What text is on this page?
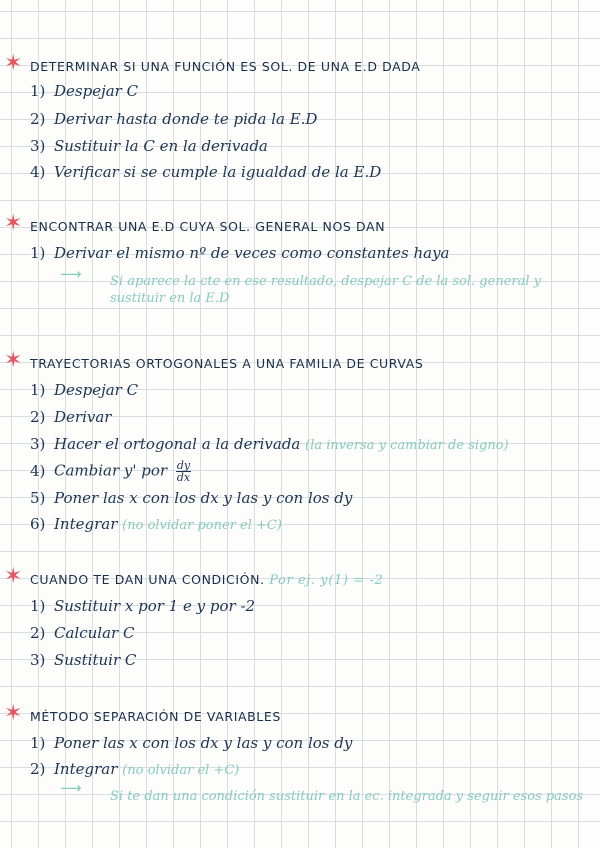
✶ DETERMINAR SI UNA FUNCIÓN ES SOL. DE UNA E.D DADA
1) Despejar C
2) Derivar hasta donde te pida la E.D
3) Sustituir la C en la derivada
4) Verificar si se cumple la igualdad de la E.D
✶ ENCONTRAR UNA E.D CUYA SOL. GENERAL NOS DAN
1) Derivar el mismo nº de veces como constantes haya
⟶ Si aparece la cte en ese resultado, despejar C de la sol. general y sustituir en la E.D
✶ TRAYECTORIAS ORTOGONALES A UNA FAMILIA DE CURVAS
1) Despejar C
2) Derivar
3) Hacer el ortogonal a la derivada (la inversa y cambiar de signo)
4) Cambiar y' por $\frac{dy}{dx}$
5) Poner las x con los dx y las y con los dy
6) Integrar (no olvidar poner el +C)
✶ CUANDO TE DAN UNA CONDICIÓN. Por ej. y(1) = -2
1) Sustituir x por 1 e y por -2
2) Calcular C
3) Sustituir C
✶ MÉTODO SEPARACIÓN DE VARIABLES
1) Poner las x con los dx y las y con los dy
2) Integrar (no olvidar el +C)
⟶ Si te dan una condición sustituir en la ec. integrada y seguir esos pasos
